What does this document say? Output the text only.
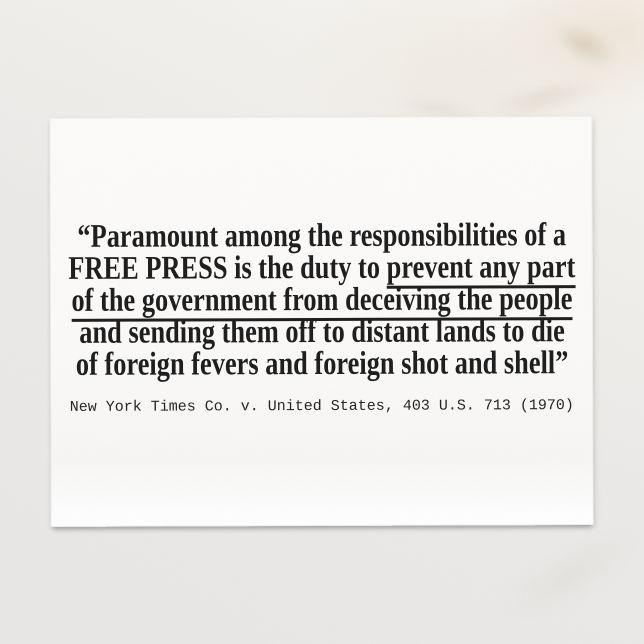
“Paramount among the responsibilities of a
FREE PRESS is the duty to prevent any part
of the government from deceiving the people
and sending them off to distant lands to die
of foreign fevers and foreign shot and shell”
New York Times Co. v. United States, 403 U.S. 713 (1970)
